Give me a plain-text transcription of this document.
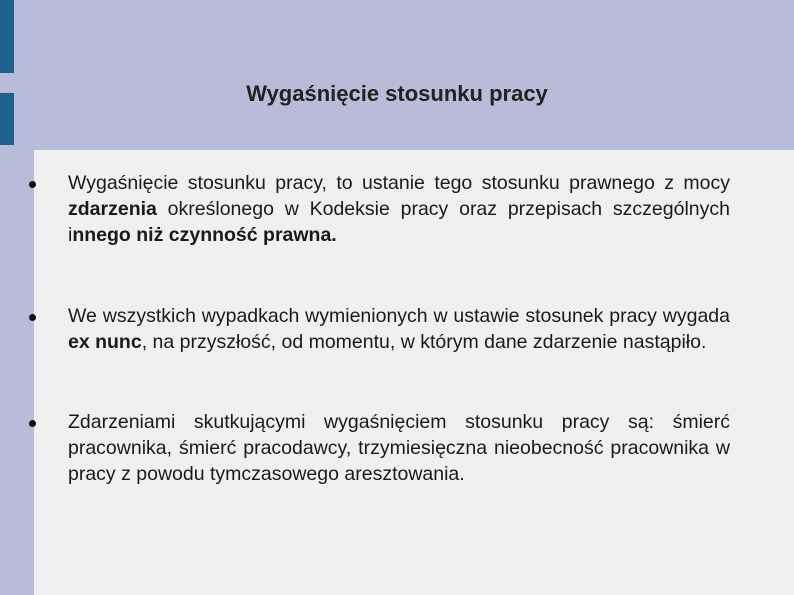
Wygaśnięcie stosunku pracy
Wygaśnięcie stosunku pracy, to ustanie tego stosunku prawnego z mocy zdarzenia określonego w Kodeksie pracy oraz przepisach szczególnych innego niż czynność prawna.
We wszystkich wypadkach wymienionych w ustawie stosunek pracy wygada ex nunc, na przyszłość, od momentu, w którym dane zdarzenie nastąpiło.
Zdarzeniami skutkującymi wygaśnięciem stosunku pracy są: śmierć pracownika, śmierć pracodawcy, trzymiesięczna nieobecność pracownika w pracy z powodu tymczasowego aresztowania.
